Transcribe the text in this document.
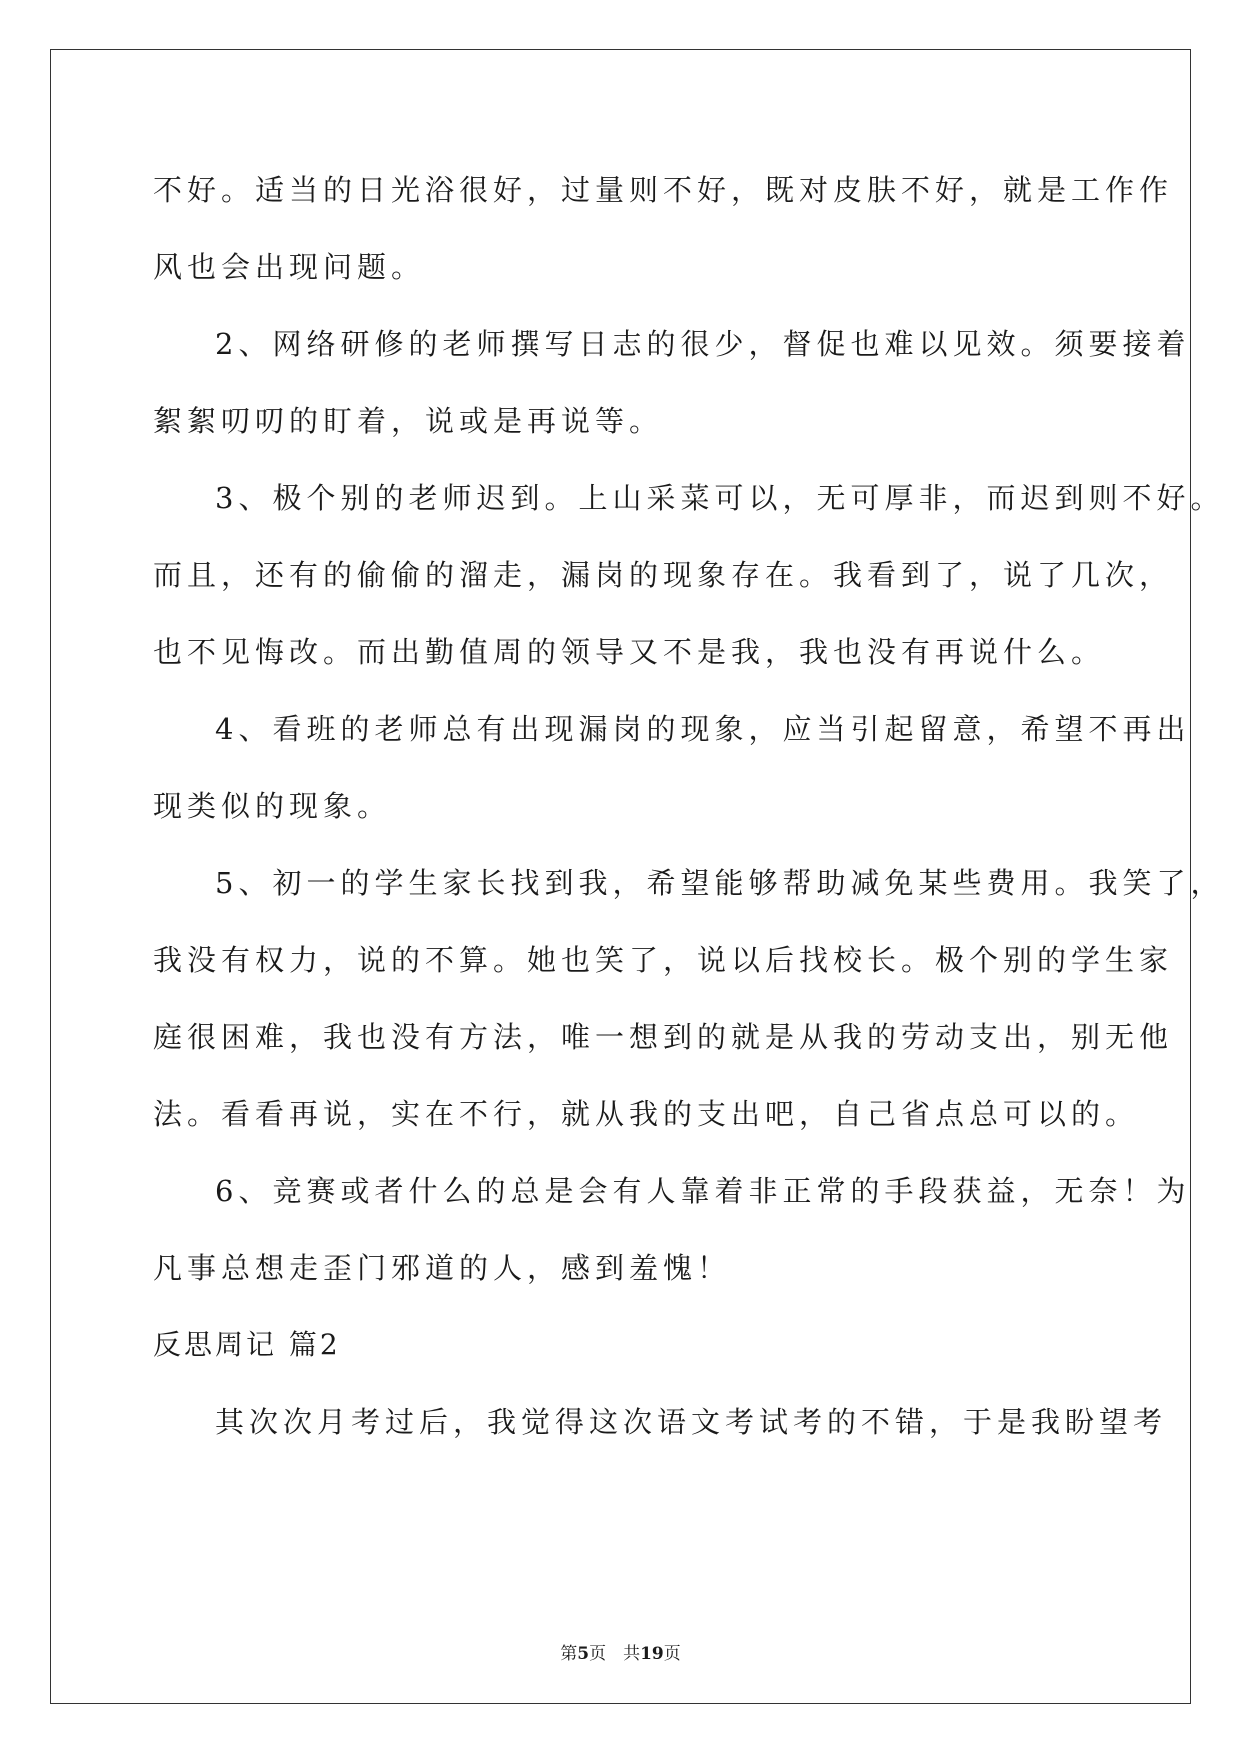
不好。适当的日光浴很好，过量则不好，既对皮肤不好，就是工作作
风也会出现问题。
2、网络研修的老师撰写日志的很少，督促也难以见效。须要接着
絮絮叨叨的盯着，说或是再说等。
3、极个别的老师迟到。上山采菜可以，无可厚非，而迟到则不好。
而且，还有的偷偷的溜走，漏岗的现象存在。我看到了，说了几次，
也不见悔改。而出勤值周的领导又不是我，我也没有再说什么。
4、看班的老师总有出现漏岗的现象，应当引起留意，希望不再出
现类似的现象。
5、初一的学生家长找到我，希望能够帮助减免某些费用。我笑了，
我没有权力，说的不算。她也笑了，说以后找校长。极个别的学生家
庭很困难，我也没有方法，唯一想到的就是从我的劳动支出，别无他
法。看看再说，实在不行，就从我的支出吧，自己省点总可以的。
6、竞赛或者什么的总是会有人靠着非正常的手段获益，无奈！为
凡事总想走歪门邪道的人，感到羞愧！
反思周记 篇2
其次次月考过后，我觉得这次语文考试考的不错，于是我盼望考
第5页　共19页
